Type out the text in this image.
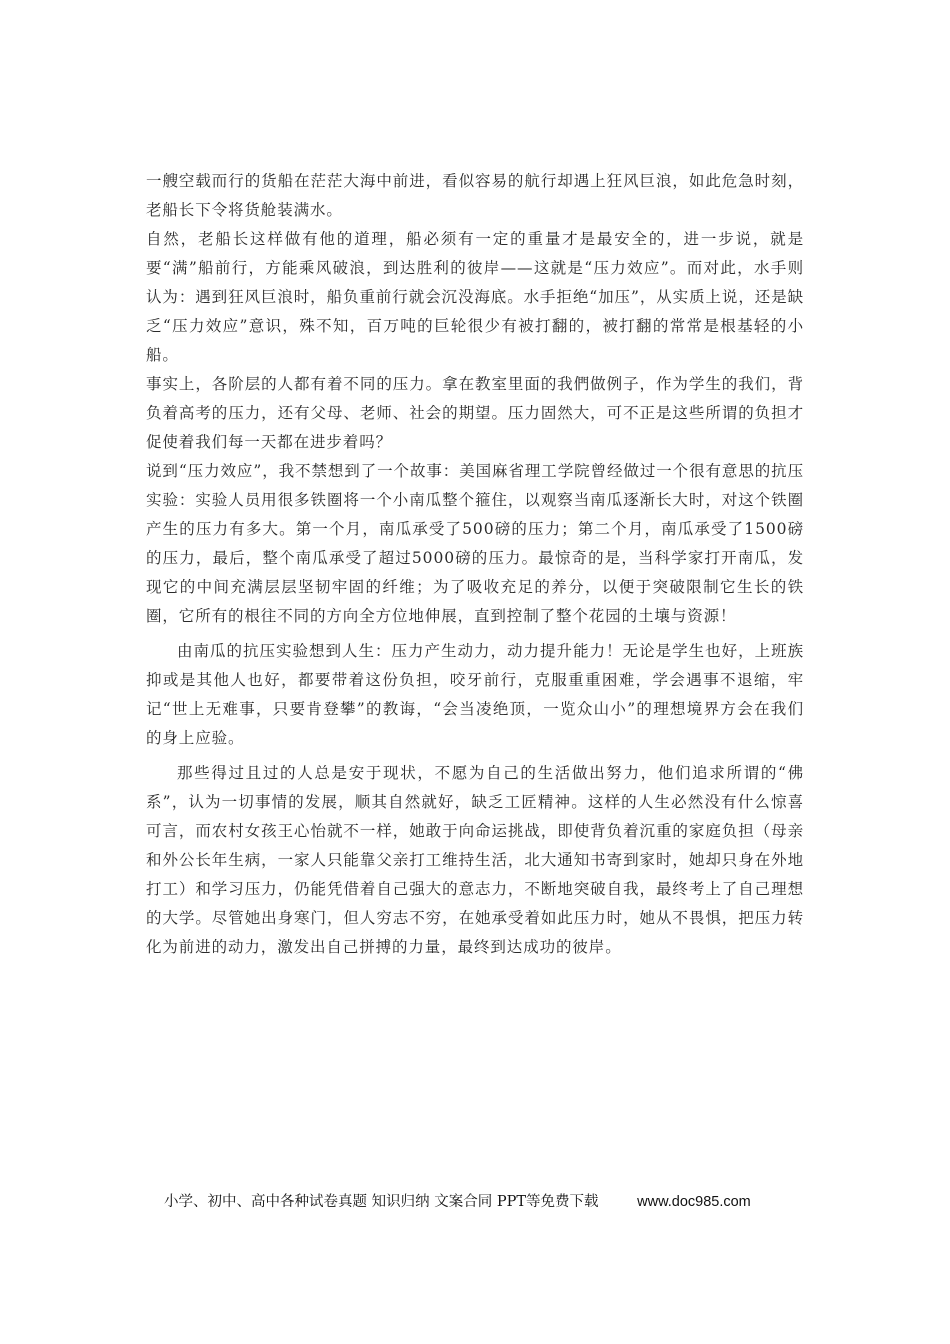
一艘空载而行的货船在茫茫大海中前进，看似容易的航行却遇上狂风巨浪，如此危急时刻，老船长下令将货舱装满水。

自然，老船长这样做有他的道理，船必须有一定的重量才是最安全的，进一步说，就是要“满”船前行，方能乘风破浪，到达胜利的彼岸——这就是“压力效应”。而对此，水手则认为：遇到狂风巨浪时，船负重前行就会沉没海底。水手拒绝“加压”，从实质上说，还是缺乏“压力效应”意识，殊不知，百万吨的巨轮很少有被打翻的，被打翻的常常是根基轻的小船。

事实上，各阶层的人都有着不同的压力。拿在教室里面的我們做例子，作为学生的我们，背负着高考的压力，还有父母、老师、社会的期望。压力固然大，可不正是这些所谓的负担才促使着我们每一天都在进步着吗？

说到“压力效应”，我不禁想到了一个故事：美国麻省理工学院曾经做过一个很有意思的抗压实验：实验人员用很多铁圈将一个小南瓜整个箍住，以观察当南瓜逐渐长大时，对这个铁圈产生的压力有多大。第一个月，南瓜承受了500磅的压力；第二个月，南瓜承受了1500磅的压力，最后，整个南瓜承受了超过5000磅的压力。最惊奇的是，当科学家打开南瓜，发现它的中间充满层层坚韧牢固的纤维；为了吸收充足的养分，以便于突破限制它生长的铁圈，它所有的根往不同的方向全方位地伸展，直到控制了整个花园的土壤与资源！

由南瓜的抗压实验想到人生：压力产生动力，动力提升能力！无论是学生也好，上班族抑或是其他人也好，都要带着这份负担，咬牙前行，克服重重困难，学会遇事不退缩，牢记“世上无难事，只要肯登攀”的教诲，“会当凌绝顶，一览众山小”的理想境界方会在我们的身上应验。

那些得过且过的人总是安于现状，不愿为自己的生活做出努力，他们追求所谓的“佛系”，认为一切事情的发展，顺其自然就好，缺乏工匠精神。这样的人生必然没有什么惊喜可言，而农村女孩王心怡就不一样，她敢于向命运挑战，即使背负着沉重的家庭负担（母亲和外公长年生病，一家人只能靠父亲打工维持生活，北大通知书寄到家时，她却只身在外地打工）和学习压力，仍能凭借着自己强大的意志力，不断地突破自我，最终考上了自己理想的大学。尽管她出身寒门，但人穷志不穷，在她承受着如此压力时，她从不畏惧，把压力转化为前进的动力，激发出自己拼搏的力量，最终到达成功的彼岸。

小学、初中、高中各种试卷真题 知识归纳 文案合同 PPT等免费下载	www.doc985.com
